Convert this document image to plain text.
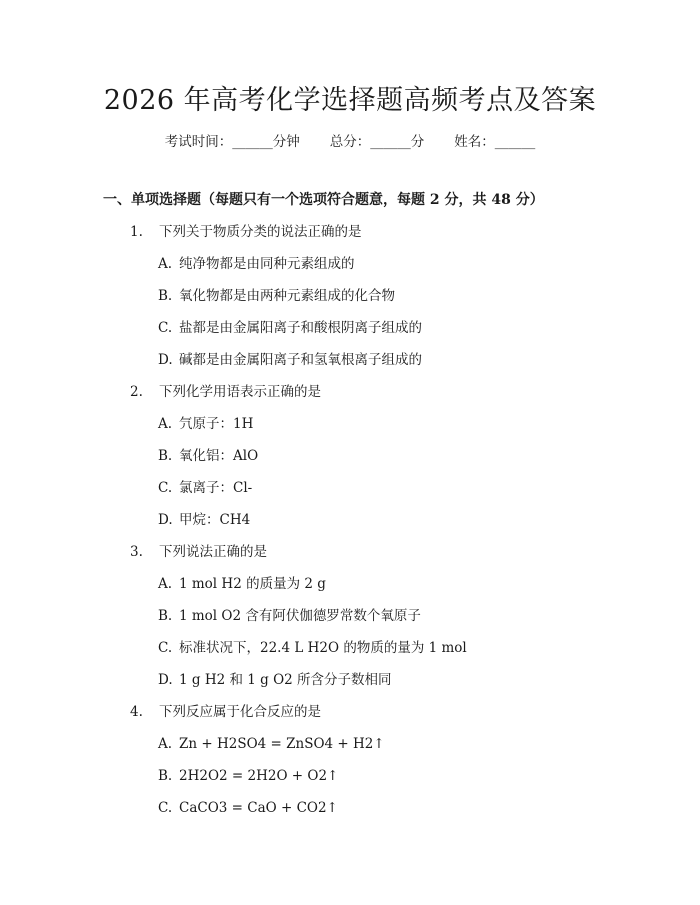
2026 年高考化学选择题高频考点及答案
考试时间：______分钟 总分：______分 姓名：______
一、单项选择题（每题只有一个选项符合题意，每题 2 分，共 48 分）
1. 下列关于物质分类的说法正确的是
A. 纯净物都是由同种元素组成的
B. 氧化物都是由两种元素组成的化合物
C. 盐都是由金属阳离子和酸根阴离子组成的
D. 碱都是由金属阳离子和氢氧根离子组成的
2. 下列化学用语表示正确的是
A. 氕原子：1H
B. 氧化铝：AlO
C. 氯离子：Cl-
D. 甲烷：CH4
3. 下列说法正确的是
A. 1 mol H2 的质量为 2 g
B. 1 mol O2 含有阿伏伽德罗常数个氧原子
C. 标准状况下，22.4 L H2O 的物质的量为 1 mol
D. 1 g H2 和 1 g O2 所含分子数相同
4. 下列反应属于化合反应的是
A. Zn + H2SO4 = ZnSO4 + H2↑
B. 2H2O2 = 2H2O + O2↑
C. CaCO3 = CaO + CO2↑
